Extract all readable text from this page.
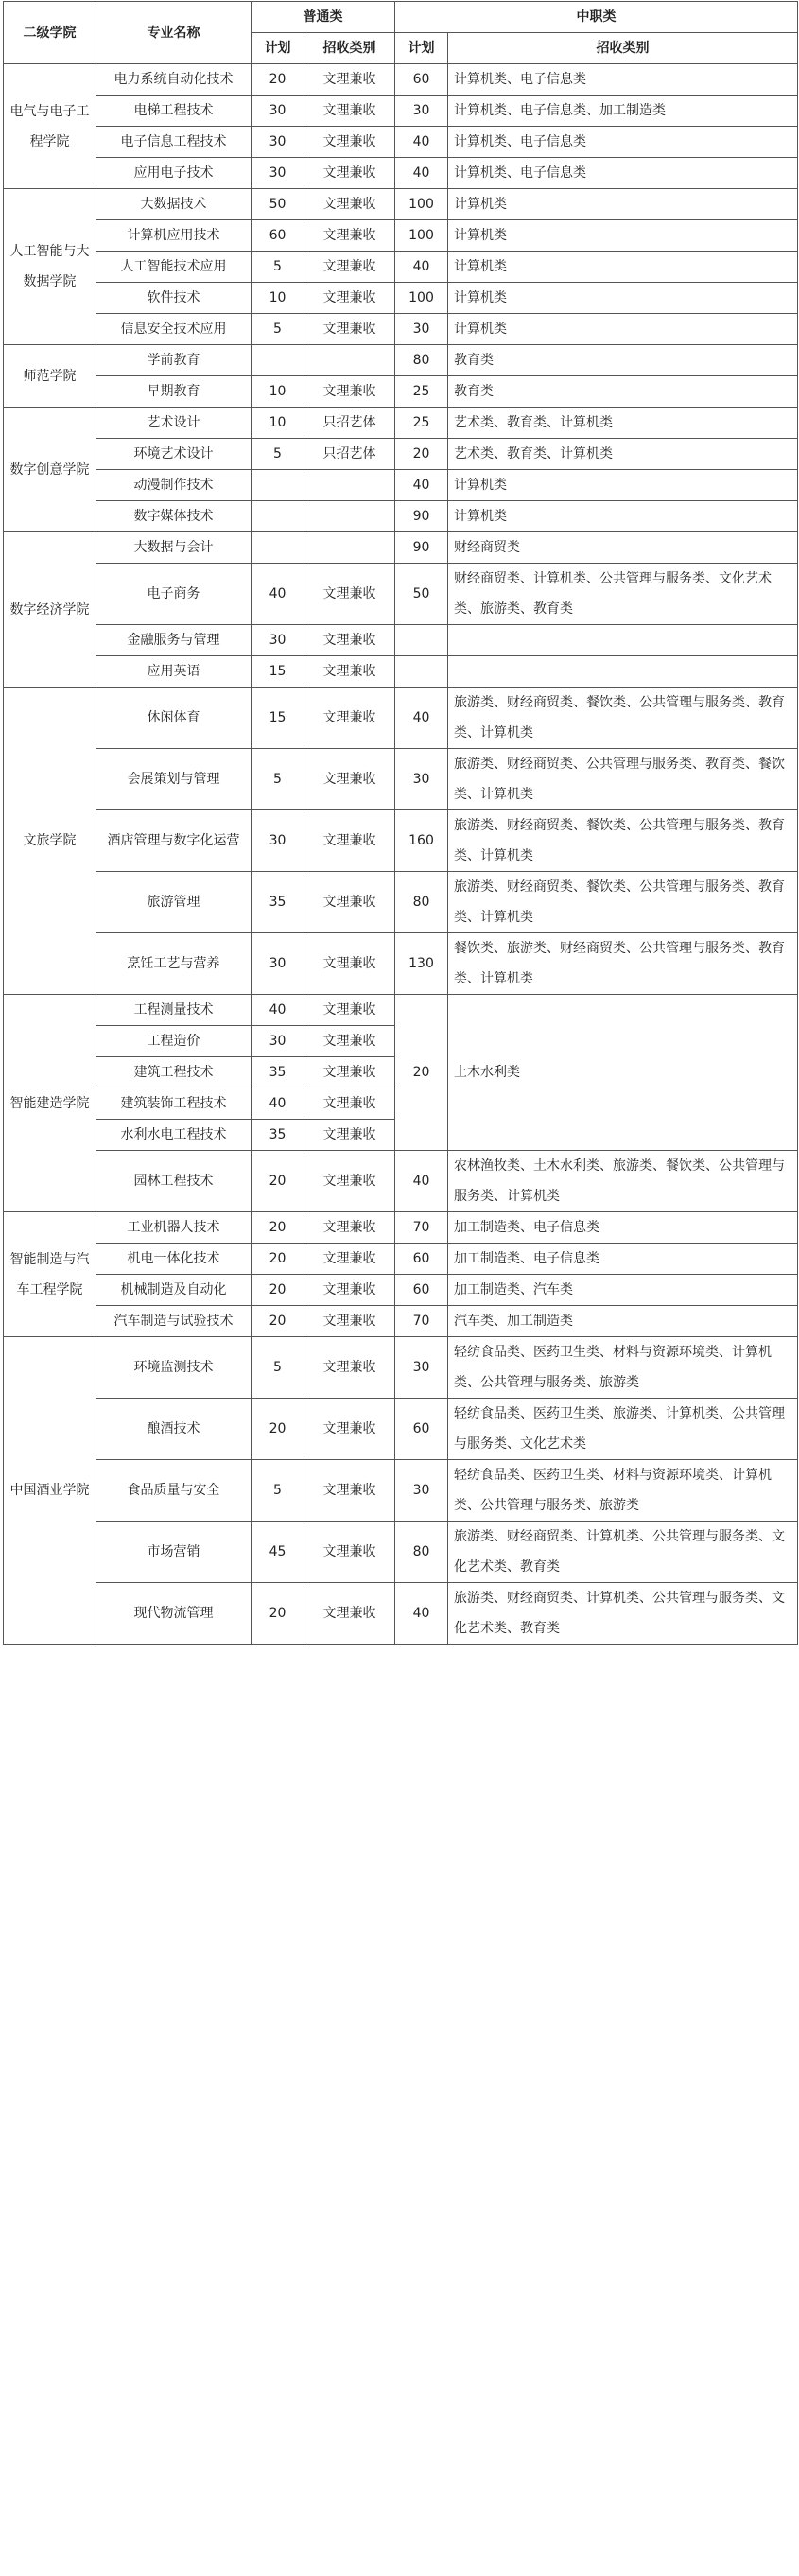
二级学院	专业名称	普通类		中职类	
		计划	招收类别	计划	招收类别
电气与电子工程学院	电力系统自动化技术	20	文理兼收	60	计算机类、电子信息类
	电梯工程技术	30	文理兼收	30	计算机类、电子信息类、加工制造类
	电子信息工程技术	30	文理兼收	40	计算机类、电子信息类
	应用电子技术	30	文理兼收	40	计算机类、电子信息类
人工智能与大数据学院	大数据技术	50	文理兼收	100	计算机类
	计算机应用技术	60	文理兼收	100	计算机类
	人工智能技术应用	5	文理兼收	40	计算机类
	软件技术	10	文理兼收	100	计算机类
	信息安全技术应用	5	文理兼收	30	计算机类
师范学院	学前教育			80	教育类
	早期教育	10	文理兼收	25	教育类
数字创意学院	艺术设计	10	只招艺体	25	艺术类、教育类、计算机类
	环境艺术设计	5	只招艺体	20	艺术类、教育类、计算机类
	动漫制作技术			40	计算机类
	数字媒体技术			90	计算机类
数字经济学院	大数据与会计			90	财经商贸类
	电子商务	40	文理兼收	50	财经商贸类、计算机类、公共管理与服务类、文化艺术类、旅游类、教育类
	金融服务与管理	30	文理兼收		
	应用英语	15	文理兼收		
文旅学院	休闲体育	15	文理兼收	40	旅游类、财经商贸类、餐饮类、公共管理与服务类、教育类、计算机类
	会展策划与管理	5	文理兼收	30	旅游类、财经商贸类、公共管理与服务类、教育类、餐饮类、计算机类
	酒店管理与数字化运营	30	文理兼收	160	旅游类、财经商贸类、餐饮类、公共管理与服务类、教育类、计算机类
	旅游管理	35	文理兼收	80	旅游类、财经商贸类、餐饮类、公共管理与服务类、教育类、计算机类
	烹饪工艺与营养	30	文理兼收	130	餐饮类、旅游类、财经商贸类、公共管理与服务类、教育类、计算机类
智能建造学院	工程测量技术	40	文理兼收	20	土木水利类
	工程造价	30	文理兼收		
	建筑工程技术	35	文理兼收		
	建筑装饰工程技术	40	文理兼收		
	水利水电工程技术	35	文理兼收		
	园林工程技术	20	文理兼收	40	农林渔牧类、土木水利类、旅游类、餐饮类、公共管理与服务类、计算机类
智能制造与汽车工程学院	工业机器人技术	20	文理兼收	70	加工制造类、电子信息类
	机电一体化技术	20	文理兼收	60	加工制造类、电子信息类
	机械制造及自动化	20	文理兼收	60	加工制造类、汽车类
	汽车制造与试验技术	20	文理兼收	70	汽车类、加工制造类
中国酒业学院	环境监测技术	5	文理兼收	30	轻纺食品类、医药卫生类、材料与资源环境类、计算机类、公共管理与服务类、旅游类
	酿酒技术	20	文理兼收	60	轻纺食品类、医药卫生类、旅游类、计算机类、公共管理与服务类、文化艺术类
	食品质量与安全	5	文理兼收	30	轻纺食品类、医药卫生类、材料与资源环境类、计算机类、公共管理与服务类、旅游类
	市场营销	45	文理兼收	80	旅游类、财经商贸类、计算机类、公共管理与服务类、文化艺术类、教育类
	现代物流管理	20	文理兼收	40	旅游类、财经商贸类、计算机类、公共管理与服务类、文化艺术类、教育类
